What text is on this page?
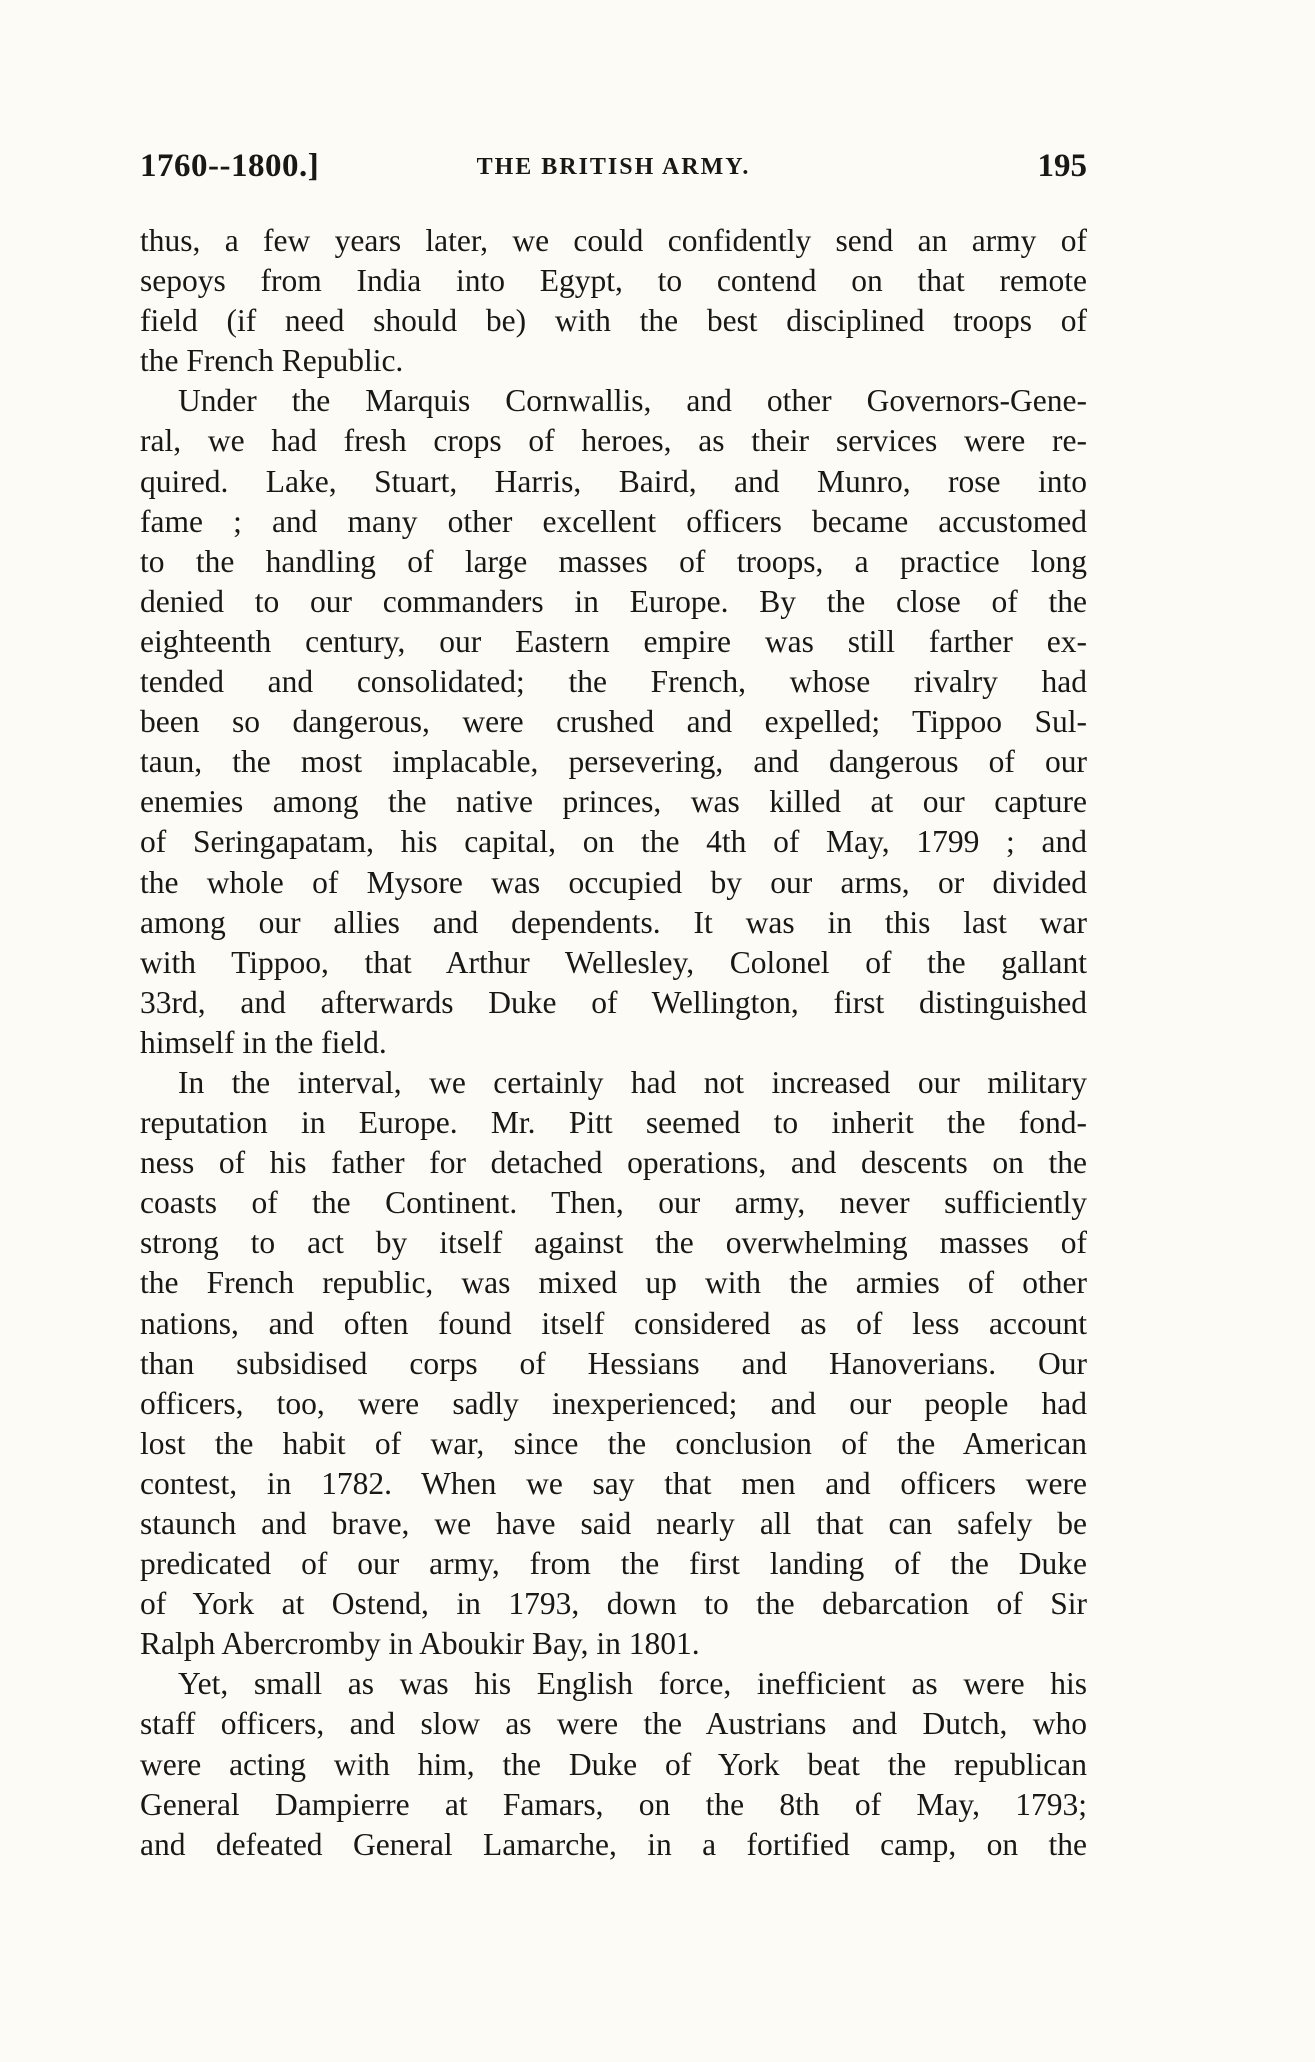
1760--1800.]	THE BRITISH ARMY.	195
thus, a few years later, we could confidently send an army of
sepoys from India into Egypt, to contend on that remote
field (if need should be) with the best disciplined troops of
the French Republic.
Under the Marquis Cornwallis, and other Governors-Gene-
ral, we had fresh crops of heroes, as their services were re-
quired. Lake, Stuart, Harris, Baird, and Munro, rose into
fame ; and many other excellent officers became accustomed
to the handling of large masses of troops, a practice long
denied to our commanders in Europe. By the close of the
eighteenth century, our Eastern empire was still farther ex-
tended and consolidated; the French, whose rivalry had
been so dangerous, were crushed and expelled; Tippoo Sul-
taun, the most implacable, persevering, and dangerous of our
enemies among the native princes, was killed at our capture
of Seringapatam, his capital, on the 4th of May, 1799 ; and
the whole of Mysore was occupied by our arms, or divided
among our allies and dependents. It was in this last war
with Tippoo, that Arthur Wellesley, Colonel of the gallant
33rd, and afterwards Duke of Wellington, first distinguished
himself in the field.
In the interval, we certainly had not increased our military
reputation in Europe. Mr. Pitt seemed to inherit the fond-
ness of his father for detached operations, and descents on the
coasts of the Continent. Then, our army, never sufficiently
strong to act by itself against the overwhelming masses of
the French republic, was mixed up with the armies of other
nations, and often found itself considered as of less account
than subsidised corps of Hessians and Hanoverians. Our
officers, too, were sadly inexperienced; and our people had
lost the habit of war, since the conclusion of the American
contest, in 1782. When we say that men and officers were
staunch and brave, we have said nearly all that can safely be
predicated of our army, from the first landing of the Duke
of York at Ostend, in 1793, down to the debarcation of Sir
Ralph Abercromby in Aboukir Bay, in 1801.
Yet, small as was his English force, inefficient as were his
staff officers, and slow as were the Austrians and Dutch, who
were acting with him, the Duke of York beat the republican
General Dampierre at Famars, on the 8th of May, 1793;
and defeated General Lamarche, in a fortified camp, on the
